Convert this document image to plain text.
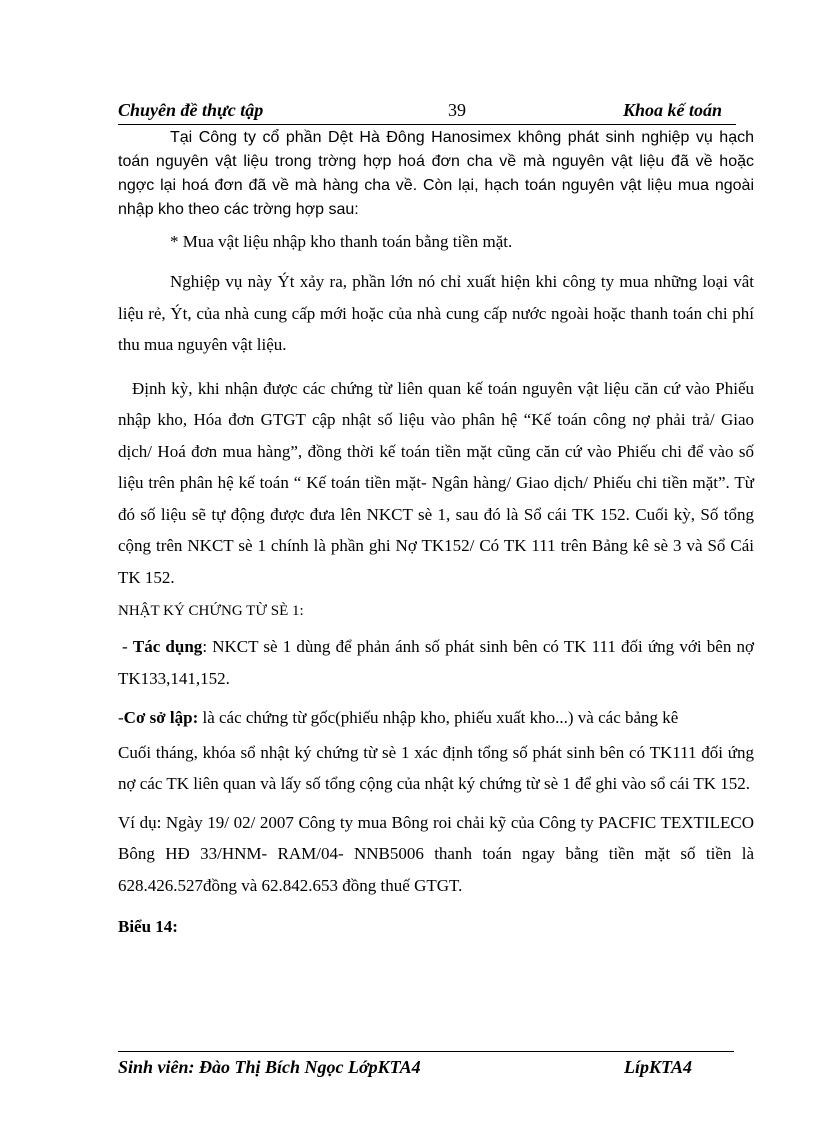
Chuyên đề thực tập	39	Khoa kế toán

Tại Công ty cổ phần Dệt Hà Đông Hanosimex không phát sinh nghiệp vụ hạch toán nguyên vật liệu trong trờng hợp hoá đơn cha về mà nguyên vật liệu đã về hoặc ngợc lại hoá đơn đã về mà hàng cha về. Còn lại, hạch toán nguyên vật liệu mua ngoài nhập kho theo các trờng hợp sau:

* Mua vật liệu nhập kho thanh toán bằng tiền mặt.

Nghiệp vụ này Ýt xảy ra, phần lớn nó chỉ xuất hiện khi công ty mua những loại vât liệu rẻ, Ýt, của nhà cung cấp mới hoặc của nhà cung cấp nước ngoài hoặc thanh toán chi phí thu mua nguyên vật liệu.

Định kỳ, khi nhận được các chứng từ liên quan kế toán nguyên vật liệu căn cứ vào Phiếu nhập kho, Hóa đơn GTGT cập nhật số liệu vào phân hệ “Kế toán công nợ phải trả/ Giao dịch/ Hoá đơn mua hàng”, đồng thời kế toán tiền mặt cũng căn cứ vào Phiếu chi để vào số liệu trên phân hệ kế toán “ Kế toán tiền mặt- Ngân hàng/ Giao dịch/ Phiếu chi tiền mặt”. Từ đó số liệu sẽ tự động được đưa lên NKCT sè 1, sau đó là Sổ cái TK 152. Cuối kỳ, Số tổng cộng trên NKCT sè 1 chính là phần ghi Nợ TK152/ Có TK 111 trên Bảng kê sè 3 và Sổ Cái TK 152.

NHẬT KÝ CHỨNG TỪ SÈ 1:

- Tác dụng: NKCT sè 1 dùng để phản ánh số phát sinh bên có TK 111 đối ứng với bên nợ TK133,141,152.

-Cơ sở lập: là các chứng từ gốc(phiếu nhập kho, phiếu xuất kho...) và các bảng kê

Cuối tháng, khóa sổ nhật ký chứng từ sè 1 xác định tổng số phát sinh bên có TK111 đối ứng nợ các TK liên quan và lấy số tổng cộng của nhật ký chứng từ sè 1 để ghi vào sổ cái TK 152.

Ví dụ: Ngày 19/ 02/ 2007 Công ty mua Bông roi chải kỹ của Công ty PACFIC TEXTILECO Bông HĐ 33/HNM- RAM/04- NNB5006 thanh toán ngay bằng tiền mặt số tiền là 628.426.527đồng và 62.842.653 đồng thuế GTGT.

Biểu 14:

Sinh viên: Đào Thị Bích Ngọc LớpKTA4	LípKTA4
